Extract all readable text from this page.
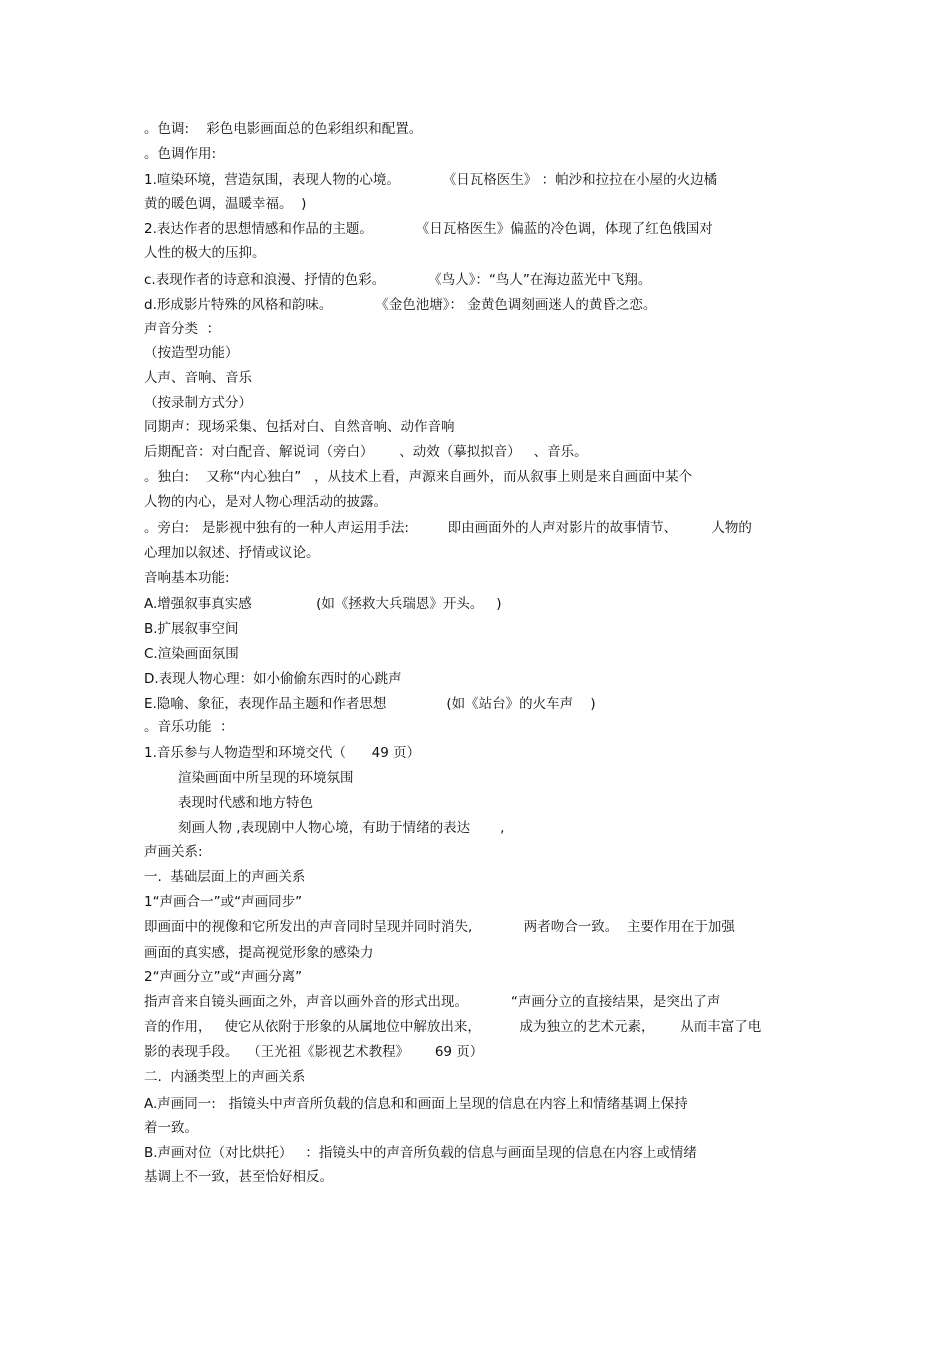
。色调:    彩色电影画面总的色彩组织和配置。
。色调作用:
1.喧染环境，营造氛围，表现人物的心境。          《日瓦格医生》 ：帕沙和拉拉在小屋的火边橘
黄的暖色调，温暖幸福。  )
2.表达作者的思想情感和作品的主题。          《日瓦格医生》偏蓝的冷色调，体现了红色俄国对
人性的极大的压抑。
c.表现作者的诗意和浪漫、抒情的色彩。          《鸟人》：“鸟人”在海边蓝光中飞翔。
d.形成影片特殊的风格和韵味。          《金色池塘》： 金黄色调刻画迷人的黄昏之恋。
声音分类  ：
（按造型功能）
人声、音响、音乐
（按录制方式分）
同期声：现场采集、包括对白、自然音响、动作音响
后期配音：对白配音、解说词（旁白）      、动效（摹拟拟音）   、音乐。
。独白:    又称“内心独白”   ，从技术上看，声源来自画外，而从叙事上则是来自画面中某个
人物的内心，是对人物心理活动的披露。
。旁白:   是影视中独有的一种人声运用手法:         即由画面外的人声对影片的故事情节、        人物的
心理加以叙述、抒情或议论。
音响基本功能:
A.增强叙事真实感               (如《拯救大兵瑞恩》开头。   )
B.扩展叙事空间
C.渲染画面氛围
D.表现人物心理：如小偷偷东西时的心跳声
E.隐喻、象征，表现作品主题和作者思想              (如《站台》的火车声    )
。音乐功能  ：
1.音乐参与人物造型和环境交代（      49 页）
渲染画面中所呈现的环境氛围
表现时代感和地方特色
刻画人物 ,表现剧中人物心境，有助于情绪的表达       ,
声画关系:
一.  基础层面上的声画关系
1“声画合一”或“声画同步”
即画面中的视像和它所发出的声音同时呈现并同时消失,            两者吻合一致。  主要作用在于加强
画面的真实感，提高视觉形象的感染力
2“声画分立”或“声画分离”
指声音来自镜头画面之外，声音以画外音的形式出现。          “声画分立的直接结果，是突出了声
音的作用，   使它从依附于形象的从属地位中解放出来，         成为独立的艺术元素，      从而丰富了电
影的表现手段。  （王光祖《影视艺术教程》      69 页）
二.  内涵类型上的声画关系
A.声画同一:   指镜头中声音所负载的信息和和画面上呈现的信息在内容上和情绪基调上保持
着一致。
B.声画对位（对比烘托）   ：指镜头中的声音所负载的信息与画面呈现的信息在内容上或情绪
基调上不一致，甚至恰好相反。
